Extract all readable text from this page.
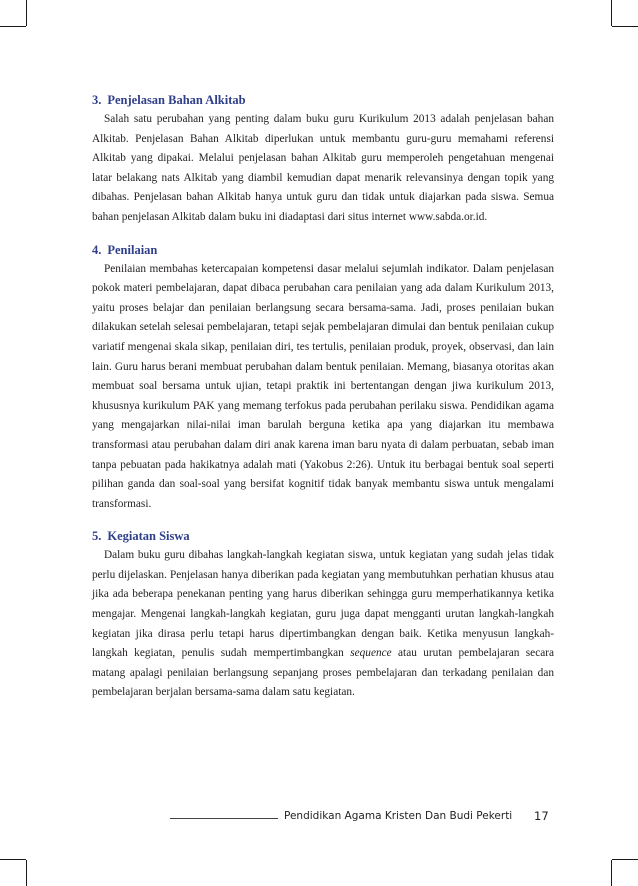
3. Penjelasan Bahan Alkitab

Salah satu perubahan yang penting dalam buku guru Kurikulum 2013 adalah penjelasan bahan Alkitab. Penjelasan Bahan Alkitab diperlukan untuk membantu guru-guru memahami referensi Alkitab yang dipakai. Melalui penjelasan bahan Alkitab guru memperoleh pengetahuan mengenai latar belakang nats Alkitab yang diambil kemudian dapat menarik relevansinya dengan topik yang dibahas. Penjelasan bahan Alkitab hanya untuk guru dan tidak untuk diajarkan pada siswa. Semua bahan penjelasan Alkitab dalam buku ini diadaptasi dari situs internet www.sabda.or.id.

4. Penilaian

Penilaian membahas ketercapaian kompetensi dasar melalui sejumlah indikator. Dalam penjelasan pokok materi pembelajaran, dapat dibaca perubahan cara penilaian yang ada dalam Kurikulum 2013, yaitu proses belajar dan penilaian berlangsung secara bersama-sama. Jadi, proses penilaian bukan dilakukan setelah selesai pembelajaran, tetapi sejak pembelajaran dimulai dan bentuk penilaian cukup variatif mengenai skala sikap, penilaian diri, tes tertulis, penilaian produk, proyek, observasi, dan lain lain. Guru harus berani membuat perubahan dalam bentuk penilaian. Memang, biasanya otoritas akan membuat soal bersama untuk ujian, tetapi praktik ini bertentangan dengan jiwa kurikulum 2013, khususnya kurikulum PAK yang memang terfokus pada perubahan perilaku siswa. Pendidikan agama yang mengajarkan nilai-nilai iman barulah berguna ketika apa yang diajarkan itu membawa transformasi atau perubahan dalam diri anak karena iman baru nyata di dalam perbuatan, sebab iman tanpa pebuatan pada hakikatnya adalah mati (Yakobus 2:26). Untuk itu berbagai bentuk soal seperti pilihan ganda dan soal-soal yang bersifat kognitif tidak banyak membantu siswa untuk mengalami transformasi.

5. Kegiatan Siswa

Dalam buku guru dibahas langkah-langkah kegiatan siswa, untuk kegiatan yang sudah jelas tidak perlu dijelaskan. Penjelasan hanya diberikan pada kegiatan yang membutuhkan perhatian khusus atau jika ada beberapa penekanan penting yang harus diberikan sehingga guru memperhatikannya ketika mengajar. Mengenai langkah-langkah kegiatan, guru juga dapat mengganti urutan langkah-langkah kegiatan jika dirasa perlu tetapi harus dipertimbangkan dengan baik. Ketika menyusun langkah-langkah kegiatan, penulis sudah mempertimbangkan sequence atau urutan pembelajaran secara matang apalagi penilaian berlangsung sepanjang proses pembelajaran dan terkadang penilaian dan pembelajaran berjalan bersama-sama dalam satu kegiatan.

Pendidikan Agama Kristen Dan Budi Pekerti 17
